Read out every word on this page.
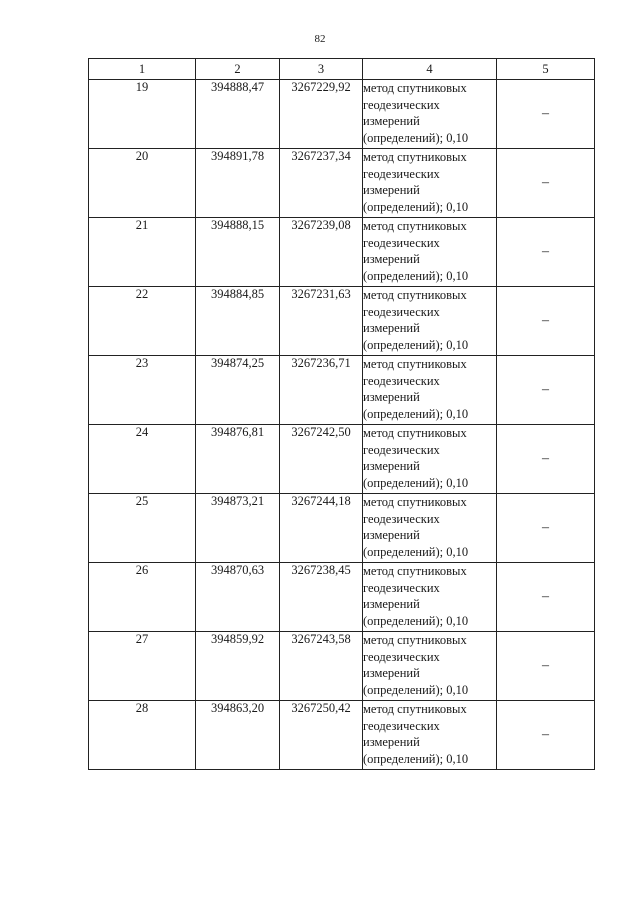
82
1	2	3	4	5
19	394888,47	3267229,92	метод спутниковых геодезических измерений (определений); 0,10	–
20	394891,78	3267237,34	метод спутниковых геодезических измерений (определений); 0,10	–
21	394888,15	3267239,08	метод спутниковых геодезических измерений (определений); 0,10	–
22	394884,85	3267231,63	метод спутниковых геодезических измерений (определений); 0,10	–
23	394874,25	3267236,71	метод спутниковых геодезических измерений (определений); 0,10	–
24	394876,81	3267242,50	метод спутниковых геодезических измерений (определений); 0,10	–
25	394873,21	3267244,18	метод спутниковых геодезических измерений (определений); 0,10	–
26	394870,63	3267238,45	метод спутниковых геодезических измерений (определений); 0,10	–
27	394859,92	3267243,58	метод спутниковых геодезических измерений (определений); 0,10	–
28	394863,20	3267250,42	метод спутниковых геодезических измерений (определений); 0,10	–
